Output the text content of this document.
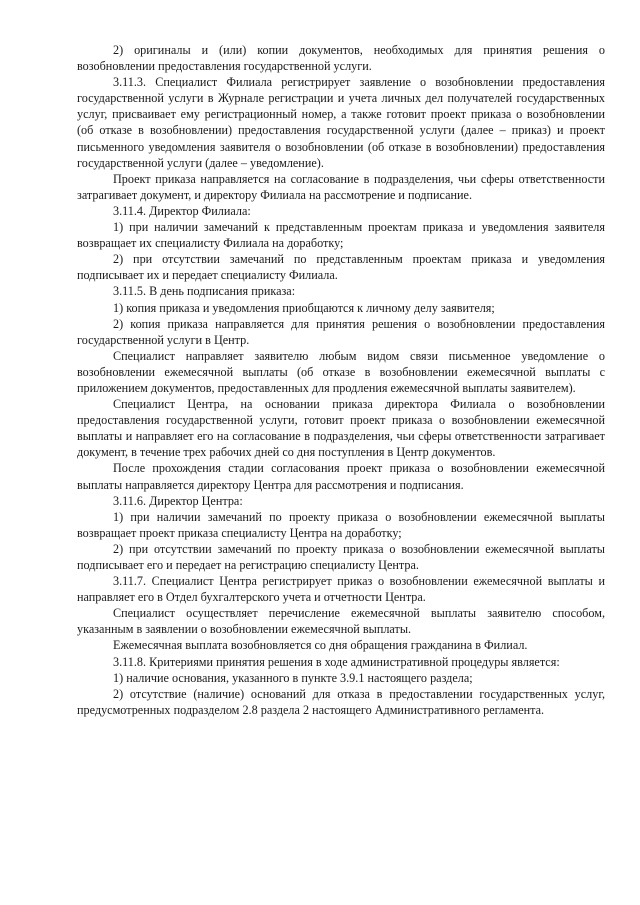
2) оригиналы и (или) копии документов, необходимых для принятия решения о возобновлении предоставления государственной услуги.

3.11.3. Специалист Филиала регистрирует заявление о возобновлении предоставления государственной услуги в Журнале регистрации и учета личных дел получателей государственных услуг, присваивает ему регистрационный номер, а также готовит проект приказа о возобновлении (об отказе в возобновлении) предоставления государственной услуги (далее – приказ) и проект письменного уведомления заявителя о возобновлении (об отказе в возобновлении) предоставления государственной услуги (далее – уведомление).

Проект приказа направляется на согласование в подразделения, чьи сферы ответственности затрагивает документ, и директору Филиала на рассмотрение и подписание.

3.11.4. Директор Филиала:

1) при наличии замечаний к представленным проектам приказа и уведомления заявителя возвращает их специалисту Филиала на доработку;

2) при отсутствии замечаний по представленным проектам приказа и уведомления подписывает их и передает специалисту Филиала.

3.11.5. В день подписания приказа:

1) копия приказа и уведомления приобщаются к личному делу заявителя;

2) копия приказа направляется для принятия решения о возобновлении предоставления государственной услуги в Центр.

Специалист направляет заявителю любым видом связи письменное уведомление о возобновлении ежемесячной выплаты (об отказе в возобновлении ежемесячной выплаты с приложением документов, предоставленных для продления ежемесячной выплаты заявителем).

Специалист Центра, на основании приказа директора Филиала о возобновлении предоставления государственной услуги, готовит проект приказа о возобновлении ежемесячной выплаты и направляет его на согласование в подразделения, чьи сферы ответственности затрагивает документ, в течение трех рабочих дней со дня поступления в Центр документов.

После прохождения стадии согласования проект приказа о возобновлении ежемесячной выплаты направляется директору Центра для рассмотрения и подписания.

3.11.6. Директор Центра:

1) при наличии замечаний по проекту приказа о возобновлении ежемесячной выплаты возвращает проект приказа специалисту Центра на доработку;

2) при отсутствии замечаний по проекту приказа о возобновлении ежемесячной выплаты подписывает его и передает на регистрацию специалисту Центра.

3.11.7. Специалист Центра регистрирует приказ о возобновлении ежемесячной выплаты и направляет его в Отдел бухгалтерского учета и отчетности Центра.

Специалист осуществляет перечисление ежемесячной выплаты заявителю способом, указанным в заявлении о возобновлении ежемесячной выплаты.

Ежемесячная выплата возобновляется со дня обращения гражданина в Филиал.

3.11.8. Критериями принятия решения в ходе административной процедуры является:

1) наличие основания, указанного в пункте 3.9.1 настоящего раздела;

2) отсутствие (наличие) оснований для отказа в предоставлении государственных услуг, предусмотренных подразделом 2.8 раздела 2 настоящего Административного регламента.
